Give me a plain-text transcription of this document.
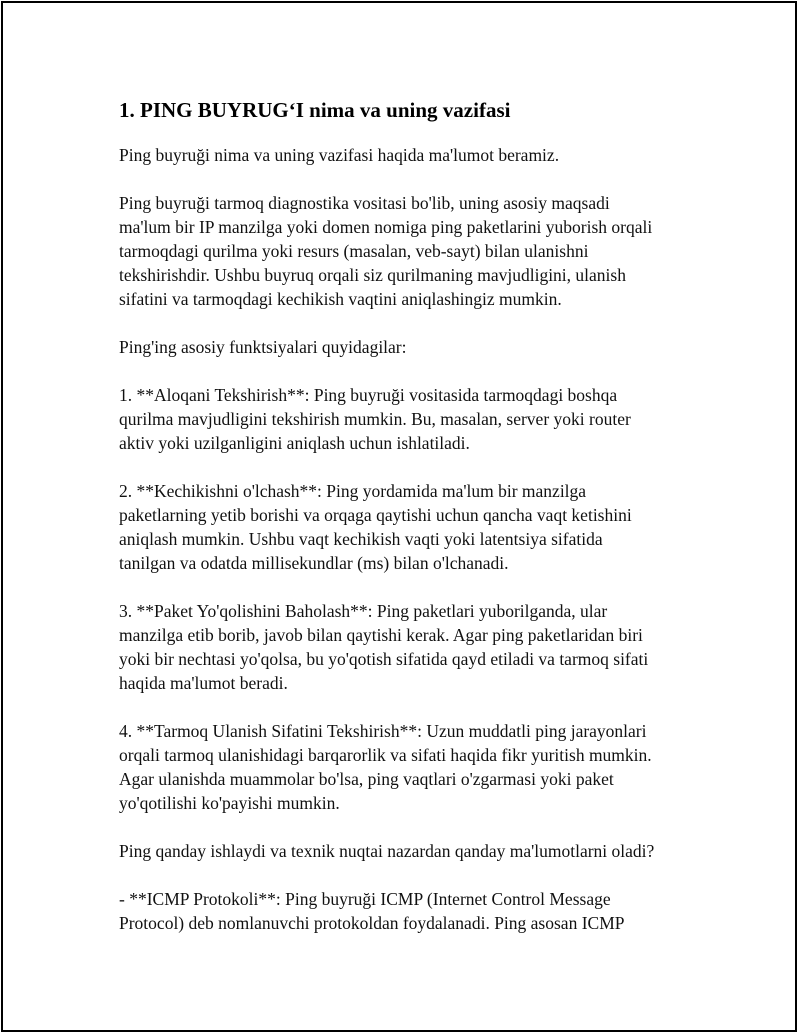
1. PING BUYRUG‘I nima va uning vazifasi

Ping buyruği nima va uning vazifasi haqida ma'lumot beramiz.

Ping buyruği tarmoq diagnostika vositasi bo'lib, uning asosiy maqsadi
ma'lum bir IP manzilga yoki domen nomiga ping paketlarini yuborish orqali
tarmoqdagi qurilma yoki resurs (masalan, veb-sayt) bilan ulanishni
tekshirishdir. Ushbu buyruq orqali siz qurilmaning mavjudligini, ulanish
sifatini va tarmoqdagi kechikish vaqtini aniqlashingiz mumkin.

Ping'ing asosiy funktsiyalari quyidagilar:

1. **Aloqani Tekshirish**: Ping buyruği vositasida tarmoqdagi boshqa
qurilma mavjudligini tekshirish mumkin. Bu, masalan, server yoki router
aktiv yoki uzilganligini aniqlash uchun ishlatiladi.

2. **Kechikishni o'lchash**: Ping yordamida ma'lum bir manzilga
paketlarning yetib borishi va orqaga qaytishi uchun qancha vaqt ketishini
aniqlash mumkin. Ushbu vaqt kechikish vaqti yoki latentsiya sifatida
tanilgan va odatda millisekundlar (ms) bilan o'lchanadi.

3. **Paket Yo'qolishini Baholash**: Ping paketlari yuborilganda, ular
manzilga etib borib, javob bilan qaytishi kerak. Agar ping paketlaridan biri
yoki bir nechtasi yo'qolsa, bu yo'qotish sifatida qayd etiladi va tarmoq sifati
haqida ma'lumot beradi.

4. **Tarmoq Ulanish Sifatini Tekshirish**: Uzun muddatli ping jarayonlari
orqali tarmoq ulanishidagi barqarorlik va sifati haqida fikr yuritish mumkin.
Agar ulanishda muammolar bo'lsa, ping vaqtlari o'zgarmasi yoki paket
yo'qotilishi ko'payishi mumkin.

Ping qanday ishlaydi va texnik nuqtai nazardan qanday ma'lumotlarni oladi?

- **ICMP Protokoli**: Ping buyruği ICMP (Internet Control Message
Protocol) deb nomlanuvchi protokoldan foydalanadi. Ping asosan ICMP
